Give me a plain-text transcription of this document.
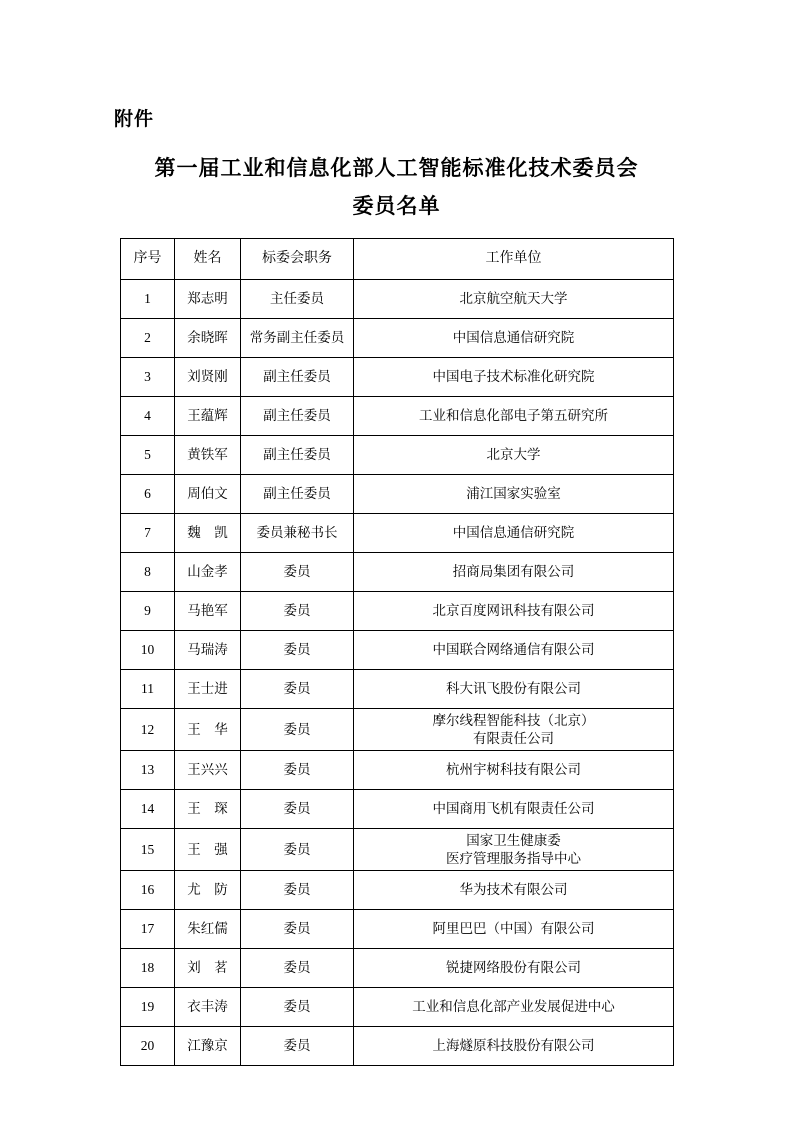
附件
第一届工业和信息化部人工智能标准化技术委员会
委员名单
序号	姓名	标委会职务	工作单位
1	郑志明	主任委员	北京航空航天大学
2	余晓晖	常务副主任委员	中国信息通信研究院
3	刘贤刚	副主任委员	中国电子技术标准化研究院
4	王蕴辉	副主任委员	工业和信息化部电子第五研究所
5	黄铁军	副主任委员	北京大学
6	周伯文	副主任委员	浦江国家实验室
7	魏　凯	委员兼秘书长	中国信息通信研究院
8	山金孝	委员	招商局集团有限公司
9	马艳军	委员	北京百度网讯科技有限公司
10	马瑞涛	委员	中国联合网络通信有限公司
11	王士进	委员	科大讯飞股份有限公司
12	王　华	委员	摩尔线程智能科技（北京）
有限责任公司
13	王兴兴	委员	杭州宇树科技有限公司
14	王　琛	委员	中国商用飞机有限责任公司
15	王　强	委员	国家卫生健康委
医疗管理服务指导中心
16	尤　防	委员	华为技术有限公司
17	朱红儒	委员	阿里巴巴（中国）有限公司
18	刘　茗	委员	锐捷网络股份有限公司
19	衣丰涛	委员	工业和信息化部产业发展促进中心
20	江豫京	委员	上海燧原科技股份有限公司
